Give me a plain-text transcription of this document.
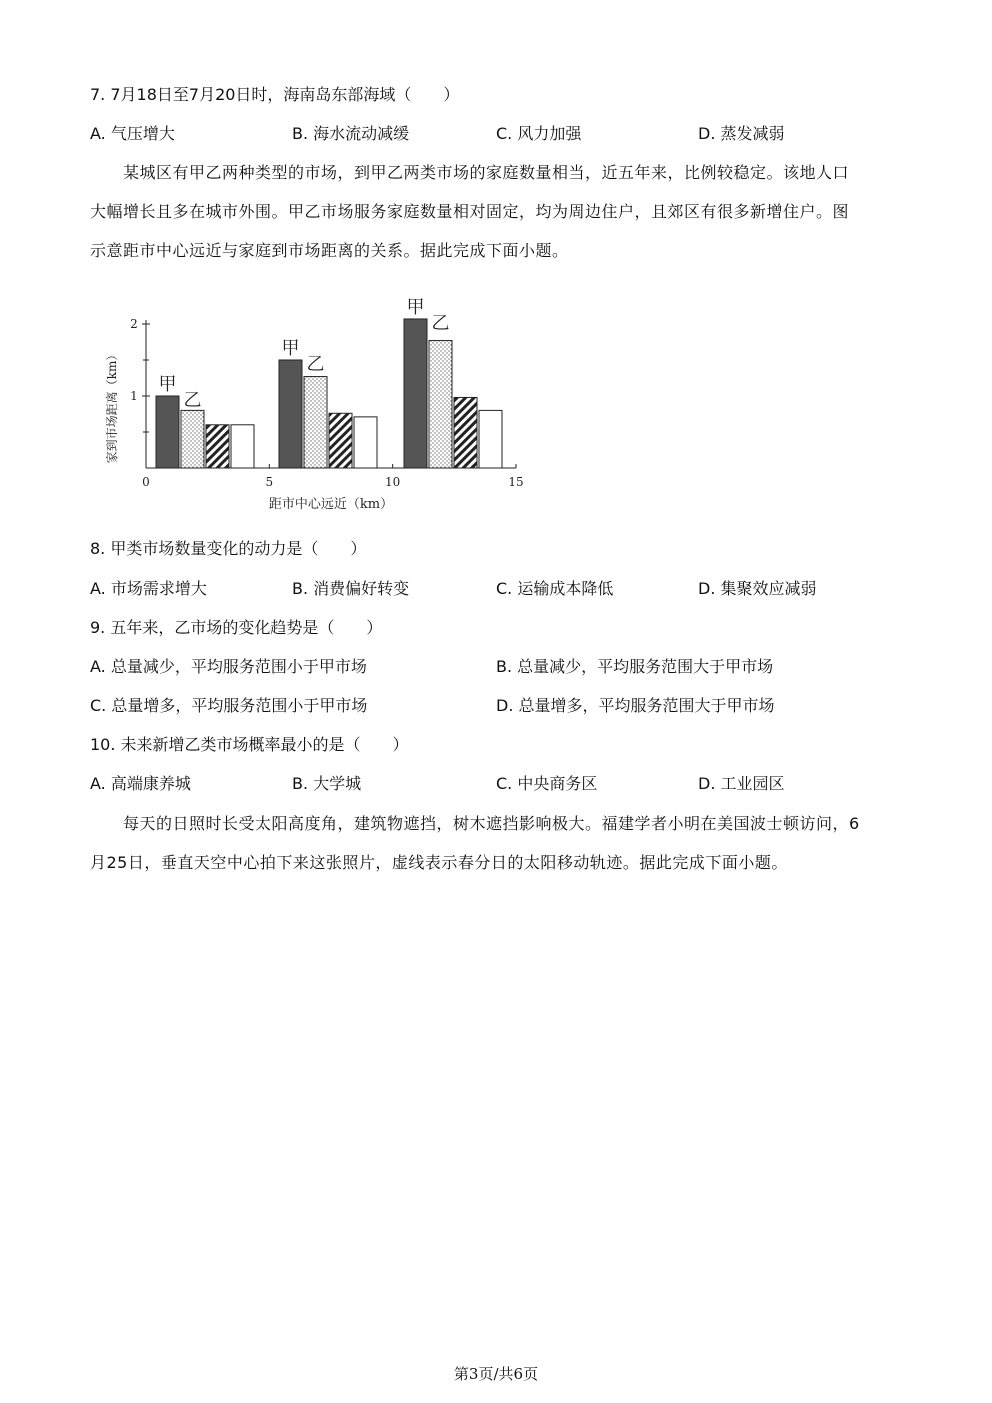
7. 7月18日至7月20日时，海南岛东部海域（　　）
A. 气压增大	B. 海水流动减缓	C. 风力加强	D. 蒸发减弱
　　某城区有甲乙两种类型的市场，到甲乙两类市场的家庭数量相当，近五年来，比例较稳定。该地人口
大幅增长且多在城市外围。甲乙市场服务家庭数量相对固定，均为周边住户，且郊区有很多新增住户。图
示意距市中心远近与家庭到市场距离的关系。据此完成下面小题。
1
2
0	5	10	15
距市中心远近（km）
家到市场距离（km） 甲
乙
甲
乙
甲
乙
8. 甲类市场数量变化的动力是（　　）
A. 市场需求增大	B. 消费偏好转变	C. 运输成本降低	D. 集聚效应减弱
9. 五年来，乙市场的变化趋势是（　　）
A. 总量减少，平均服务范围小于甲市场	B. 总量减少，平均服务范围大于甲市场
C. 总量增多，平均服务范围小于甲市场	D. 总量增多，平均服务范围大于甲市场
10. 未来新增乙类市场概率最小的是（　　）
A. 高端康养城	B. 大学城	C. 中央商务区	D. 工业园区
　　每天的日照时长受太阳高度角，建筑物遮挡，树木遮挡影响极大。福建学者小明在美国波士顿访问，6
月25日，垂直天空中心拍下来这张照片，虚线表示春分日的太阳移动轨迹。据此完成下面小题。
第3页/共6页
